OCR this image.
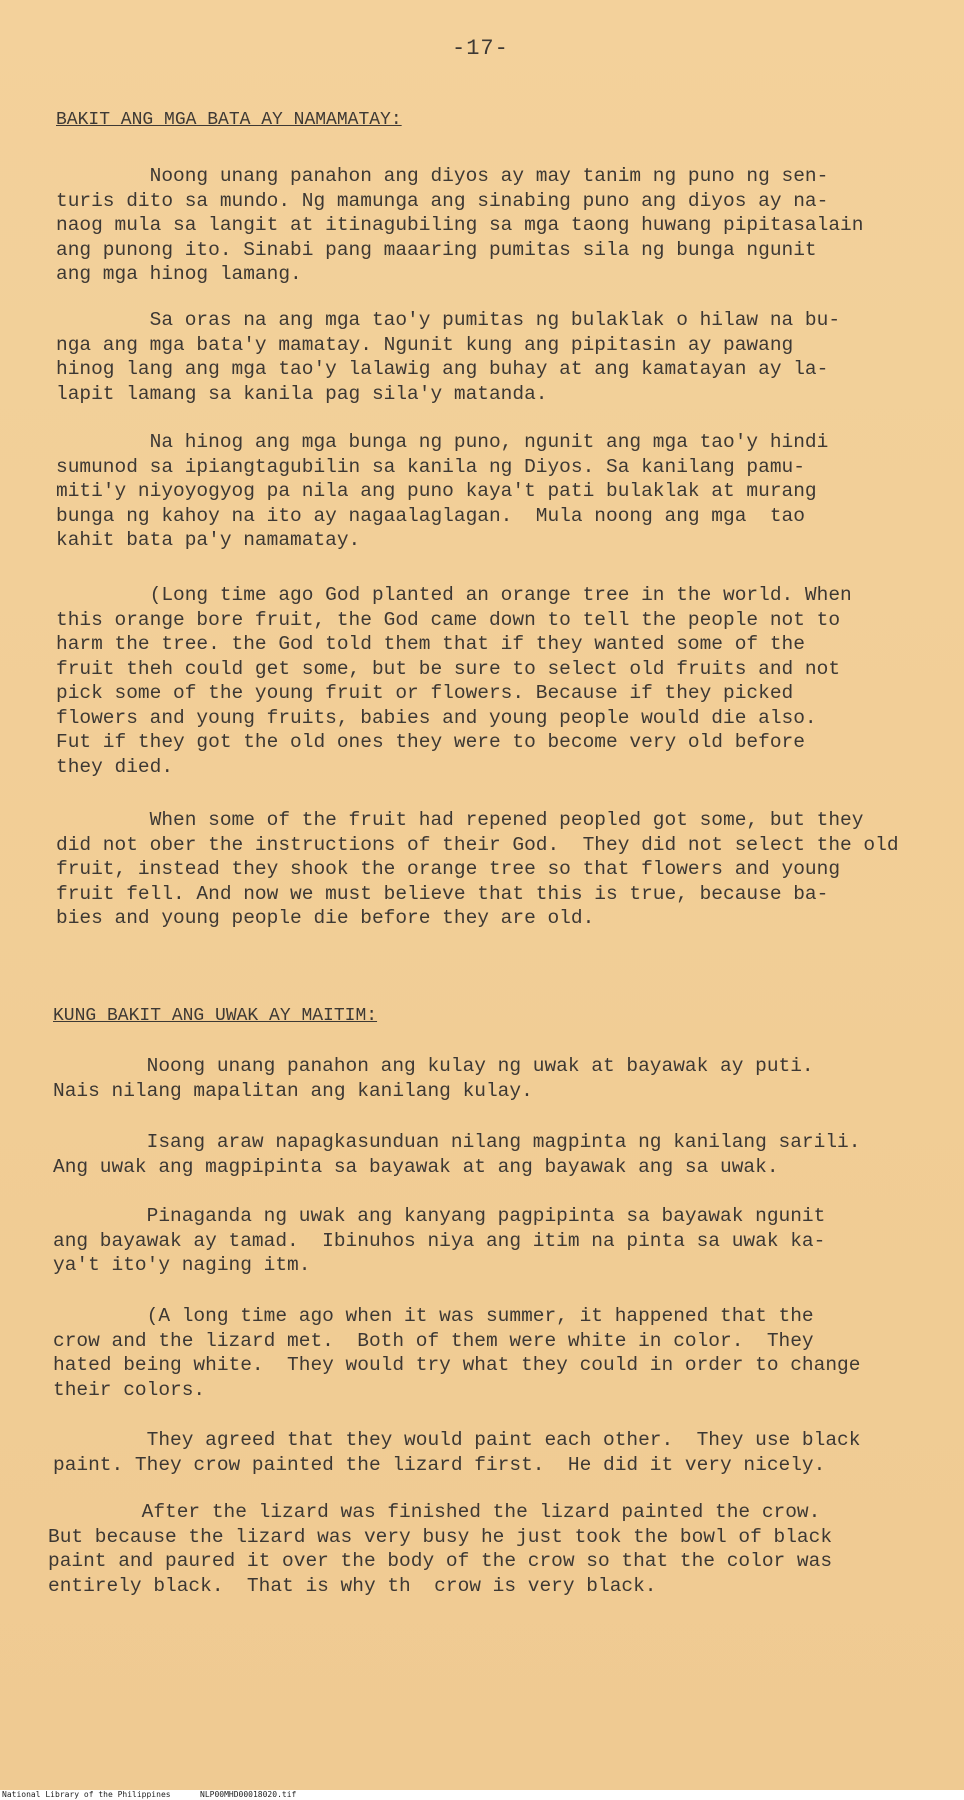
-17-
BAKIT ANG MGA BATA AY NAMAMATAY:
Noong unang panahon ang diyos ay may tanim ng puno ng sen-
turis dito sa mundo. Ng mamunga ang sinabing puno ang diyos ay na-
naog mula sa langit at itinagubiling sa mga taong huwang pipitasalain
ang punong ito. Sinabi pang maaaring pumitas sila ng bunga ngunit
ang mga hinog lamang.
Sa oras na ang mga tao'y pumitas ng bulaklak o hilaw na bu-
nga ang mga bata'y mamatay. Ngunit kung ang pipitasin ay pawang
hinog lang ang mga tao'y lalawig ang buhay at ang kamatayan ay la-
lapit lamang sa kanila pag sila'y matanda.
Na hinog ang mga bunga ng puno, ngunit ang mga tao'y hindi
sumunod sa ipiangtagubilin sa kanila ng Diyos. Sa kanilang pamu-
miti'y niyoyogyog pa nila ang puno kaya't pati bulaklak at murang
bunga ng kahoy na ito ay nagaalaglagan.  Mula noong ang mga  tao
kahit bata pa'y namamatay.
(Long time ago God planted an orange tree in the world. When
this orange bore fruit, the God came down to tell the people not to
harm the tree. the God told them that if they wanted some of the
fruit theh could get some, but be sure to select old fruits and not
pick some of the young fruit or flowers. Because if they picked
flowers and young fruits, babies and young people would die also.
Fut if they got the old ones they were to become very old before
they died.
When some of the fruit had repened peopled got some, but they
did not ober the instructions of their God.  They did not select the old
fruit, instead they shook the orange tree so that flowers and young
fruit fell. And now we must believe that this is true, because ba-
bies and young people die before they are old.
KUNG BAKIT ANG UWAK AY MAITIM:
Noong unang panahon ang kulay ng uwak at bayawak ay puti.
Nais nilang mapalitan ang kanilang kulay.
Isang araw napagkasunduan nilang magpinta ng kanilang sarili.
Ang uwak ang magpipinta sa bayawak at ang bayawak ang sa uwak.
Pinaganda ng uwak ang kanyang pagpipinta sa bayawak ngunit
ang bayawak ay tamad.  Ibinuhos niya ang itim na pinta sa uwak ka-
ya't ito'y naging itm.
(A long time ago when it was summer, it happened that the
crow and the lizard met.  Both of them were white in color.  They
hated being white.  They would try what they could in order to change
their colors.
They agreed that they would paint each other.  They use black
paint. They crow painted the lizard first.  He did it very nicely.
After the lizard was finished the lizard painted the crow.
But because the lizard was very busy he just took the bowl of black
paint and paured it over the body of the crow so that the color was
entirely black.  That is why th  crow is very black.
National Library of the Philippines	NLP00MHD00018020.tif
